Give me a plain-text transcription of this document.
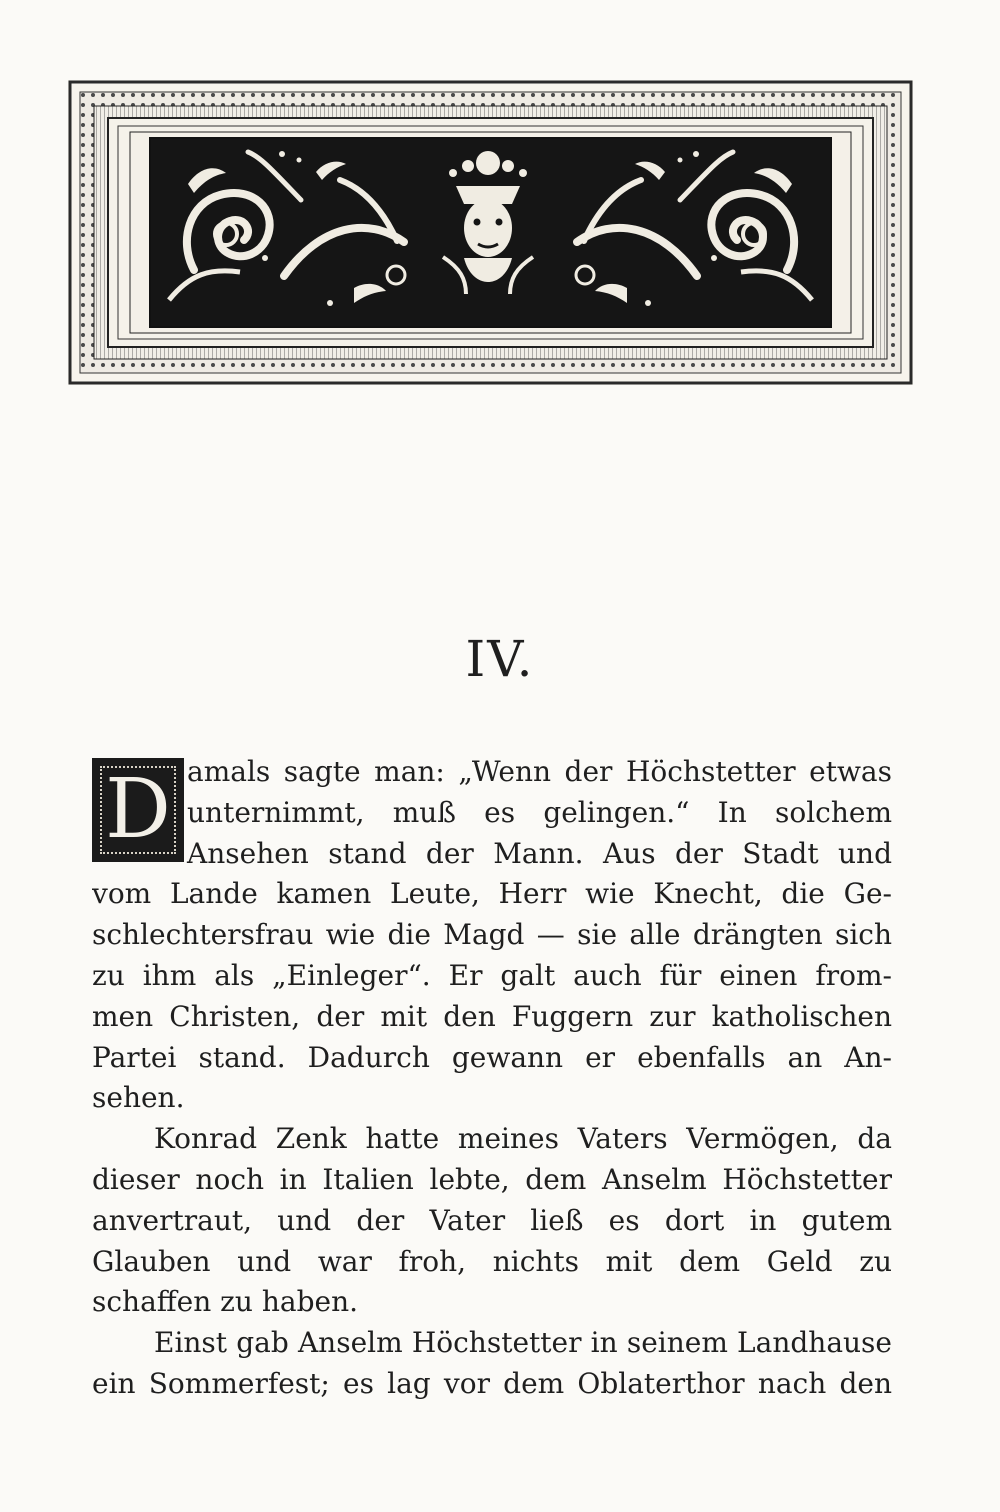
IV.
D amals sagte man: „Wenn der Höchstetter etwas
unternimmt, muß es gelingen.“ In solchem
Ansehen stand der Mann. Aus der Stadt und
vom Lande kamen Leute, Herr wie Knecht, die Ge-
schlechtersfrau wie die Magd — sie alle drängten sich
zu ihm als „Einleger“. Er galt auch für einen from-
men Christen, der mit den Fuggern zur katholischen
Partei stand. Dadurch gewann er ebenfalls an An-
sehen.
Konrad Zenk hatte meines Vaters Vermögen, da
dieser noch in Italien lebte, dem Anselm Höchstetter
anvertraut, und der Vater ließ es dort in gutem
Glauben und war froh, nichts mit dem Geld zu
schaffen zu haben.
Einst gab Anselm Höchstetter in seinem Landhause
ein Sommerfest; es lag vor dem Oblaterthor nach den
